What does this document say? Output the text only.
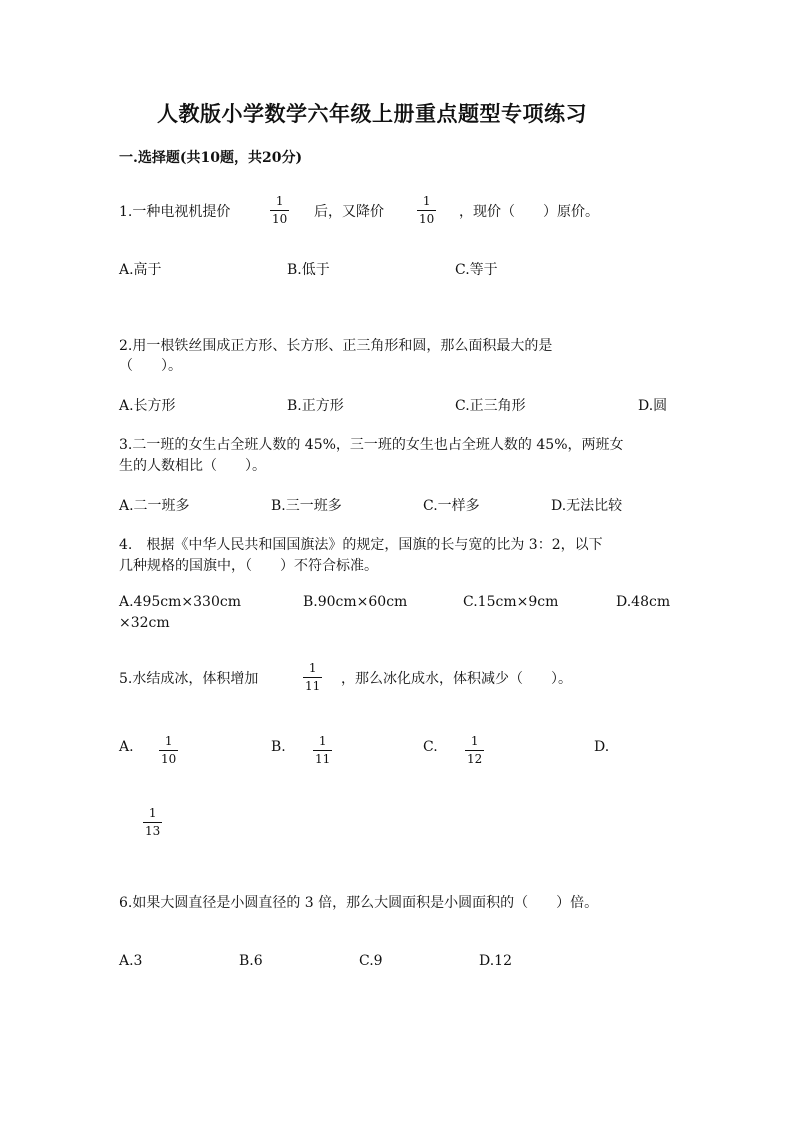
人教版小学数学六年级上册重点题型专项练习
一.选择题(共10题，共20分)
1.一种电视机提价
1
10 后，又降价
1
10 ，现价（　　）原价。
A.高于	B.低于	C.等于
2.用一根铁丝围成正方形、长方形、正三角形和圆，那么面积最大的是
（　　）。
A.长方形	B.正方形	C.正三角形	D.圆
3.二一班的女生占全班人数的 45%，三一班的女生也占全班人数的 45%，两班女
生的人数相比（　　）。
A.二一班多	B.三一班多	C.一样多	D.无法比较
4.　根据《中华人民共和国国旗法》的规定，国旗的长与宽的比为 3：2，以下
几种规格的国旗中，（　　）不符合标准。
A.495cm×330cm	B.90cm×60cm	C.15cm×9cm	D.48cm
×32cm
5.水结成冰，体积增加
1
11 ，那么冰化成水，体积减少（　　）。
A.	1
10
B.	1
11
C.	1
12
D.
1
13
6.如果大圆直径是小圆直径的 3 倍，那么大圆面积是小圆面积的（　　）倍。
A.3	B.6	C.9	D.12
